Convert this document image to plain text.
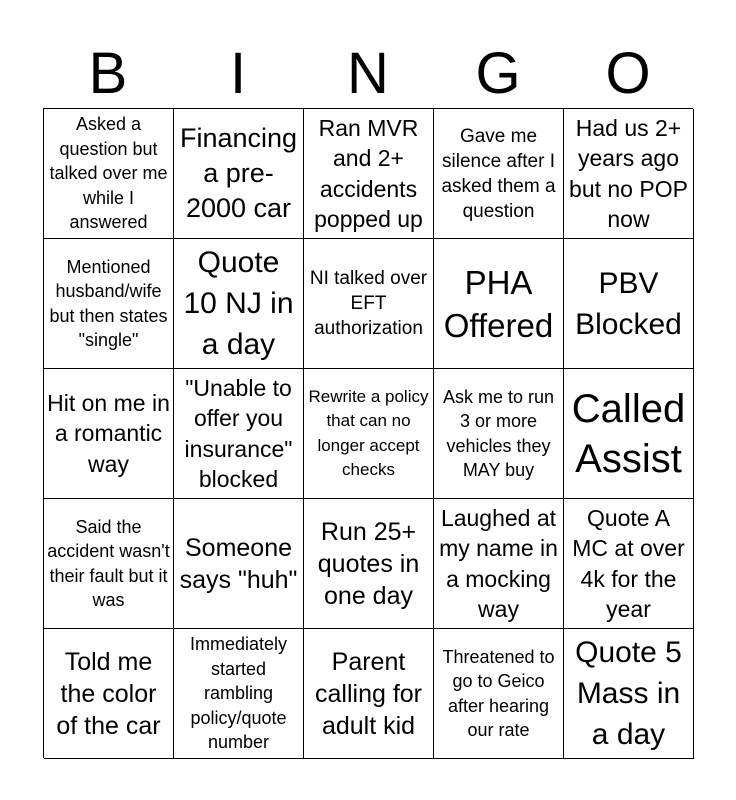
B	I	N	G	O
Asked a question but talked over me while I answered
Financing a pre-2000 car
Ran MVR and 2+ accidents popped up
Gave me silence after I asked them a question
Had us 2+ years ago but no POP now
Mentioned husband/wife but then states "single"
Quote 10 NJ in a day
NI talked over EFT authorization
PHA Offered
PBV Blocked
Hit on me in a romantic way
"Unable to offer you insurance" blocked
Rewrite a policy that can no longer accept checks
Ask me to run 3 or more vehicles they MAY buy
Called Assist
Said the accident wasn't their fault but it was
Someone says "huh"
Run 25+ quotes in one day
Laughed at my name in a mocking way
Quote A MC at over 4k for the year
Told me the color of the car
Immediately started rambling policy/quote number
Parent calling for adult kid
Threatened to go to Geico after hearing our rate
Quote 5 Mass in a day
